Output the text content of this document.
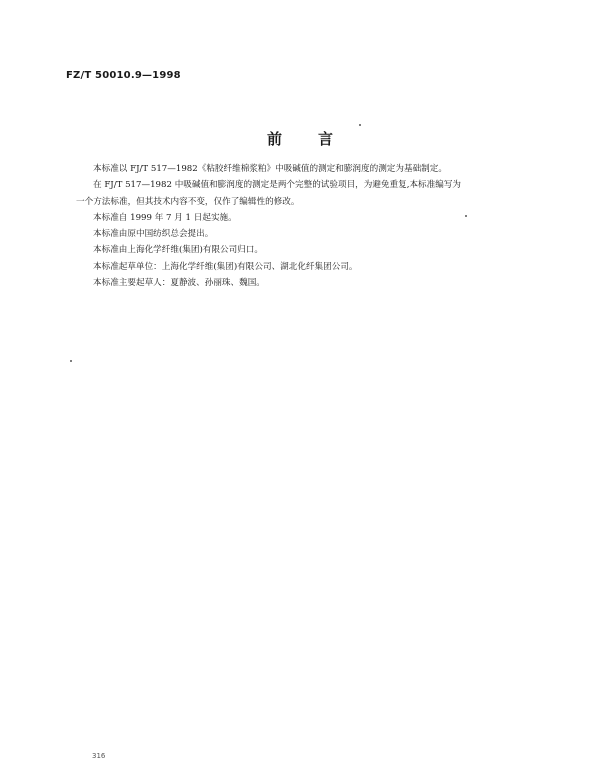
FZ/T 50010.9—1998
前言

本标准以 FJ/T 517—1982《粘胶纤维棉浆粕》中吸碱值的测定和膨润度的测定为基础制定。

在 FJ/T 517—1982 中吸碱值和膨润度的测定是两个完整的试验项目，为避免重复,本标准编写为

一个方法标准，但其技术内容不变，仅作了编辑性的修改。

本标准自 1999 年 7 月 1 日起实施。

本标准由原中国纺织总会提出。

本标准由上海化学纤维(集团)有限公司归口。

本标准起草单位：上海化学纤维(集团)有限公司、湖北化纤集团公司。

本标准主要起草人：夏静波、孙丽珠、魏国。

316
